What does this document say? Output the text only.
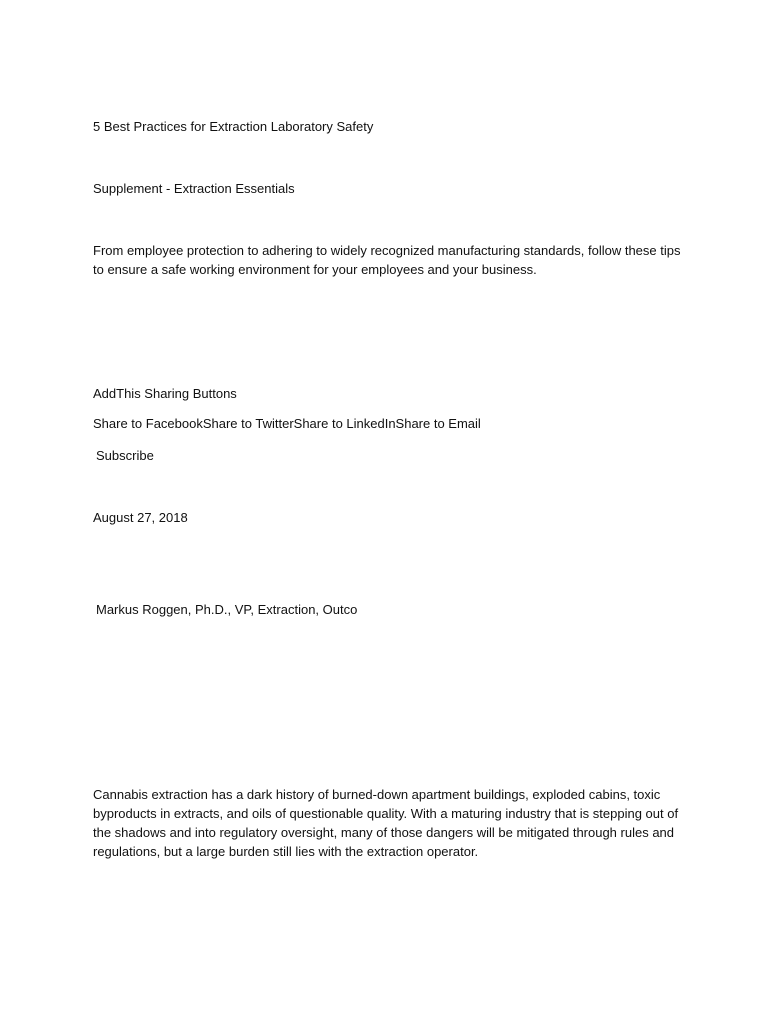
5 Best Practices for Extraction Laboratory Safety
Supplement - Extraction Essentials
From employee protection to adhering to widely recognized manufacturing standards, follow these tips to ensure a safe working environment for your employees and your business.
AddThis Sharing Buttons
Share to FacebookShare to TwitterShare to LinkedInShare to Email
Subscribe
August 27, 2018
Markus Roggen, Ph.D., VP, Extraction, Outco
Cannabis extraction has a dark history of burned-down apartment buildings, exploded cabins, toxic byproducts in extracts, and oils of questionable quality. With a maturing industry that is stepping out of the shadows and into regulatory oversight, many of those dangers will be mitigated through rules and regulations, but a large burden still lies with the extraction operator.
